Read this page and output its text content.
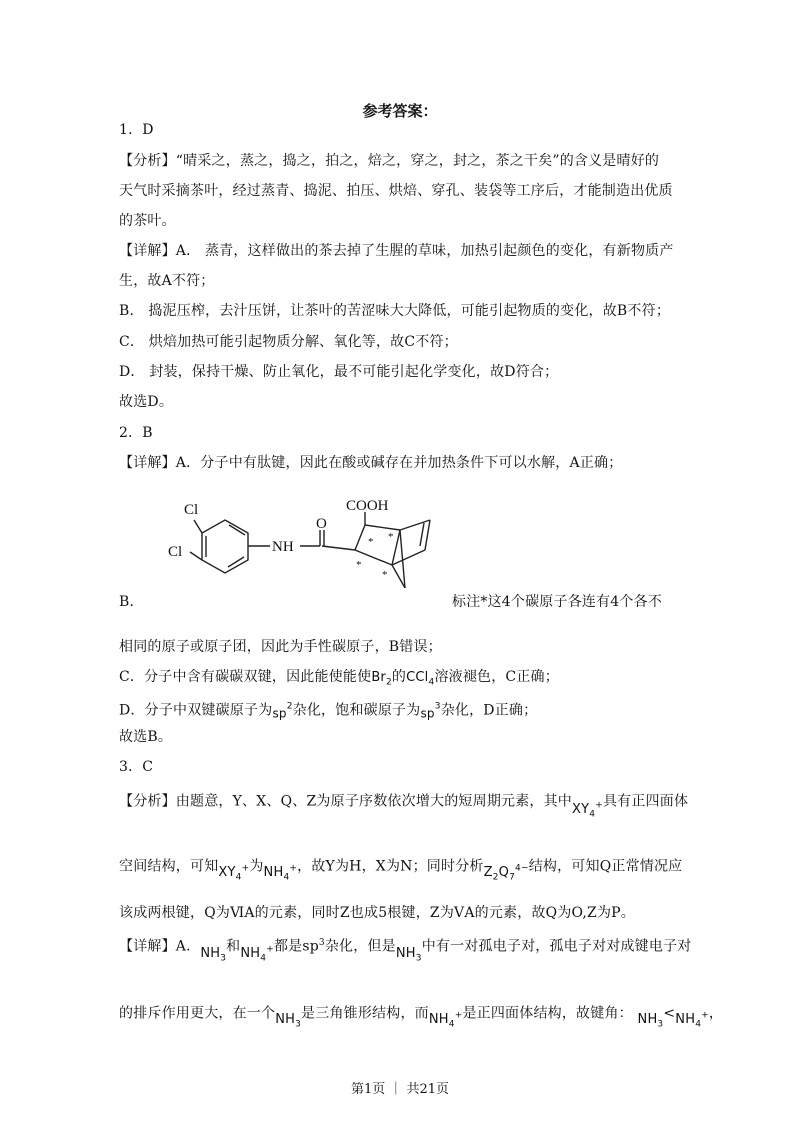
参考答案：
1．D
【分析】“晴采之，蒸之，捣之，拍之，焙之，穿之，封之，茶之干矣”的含义是晴好的
天气时采摘茶叶，经过蒸青、捣泥、拍压、烘焙、穿孔、装袋等工序后，才能制造出优质
的茶叶。
【详解】A． 蒸青，这样做出的茶去掉了生腥的草味，加热引起颜色的变化，有新物质产
生，故A不符；
B． 捣泥压榨，去汁压饼，让茶叶的苦涩味大大降低，可能引起物质的变化，故B不符；
C． 烘焙加热可能引起物质分解、氧化等，故C不符；
D． 封装，保持干燥、防止氧化，最不可能引起化学变化，故D符合；
故选D。
2．B
【详解】A．分子中有肽键，因此在酸或碱存在并加热条件下可以水解，A正确；
Cl
Cl	NH
O
COOH
* *
*
*
B．	标注*这4个碳原子各连有4个各不
相同的原子或原子团，因此为手性碳原子，B错误；
C．分子中含有碳碳双键，因此能使能使$Br_2$的CCl$_4$溶液褪色，C正确；
D．分子中双键碳原子为$_{sp}^2$杂化，饱和碳原子为$_{sp}^3$杂化，D正确；
故选B。
3．C
【分析】由题意，Y、X、Q、Z为原子序数依次增大的短周期元素，其中$XY_4^+$具有正四面体
空间结构，可知$XY_4^+$为$NH_4^+$，故Y为H，X为N；同时分析$Z_2Q_7^{4-}$结构，可知Q正常情况应
该成两根键，Q为ⅥA的元素，同时Z也成5根键，Z为ⅤA的元素，故Q为O,Z为P。
【详解】A．$NH_3$和$NH_4^+$都是$sp^3$杂化，但是$NH_3$中有一对孤电子对，孤电子对对成键电子对
的排斥作用更大，在一个$NH_3$是三角锥形结构，而$NH_4^+$是正四面体结构，故键角： $NH_3<NH_4^+$，
第1页 ｜ 共21页
